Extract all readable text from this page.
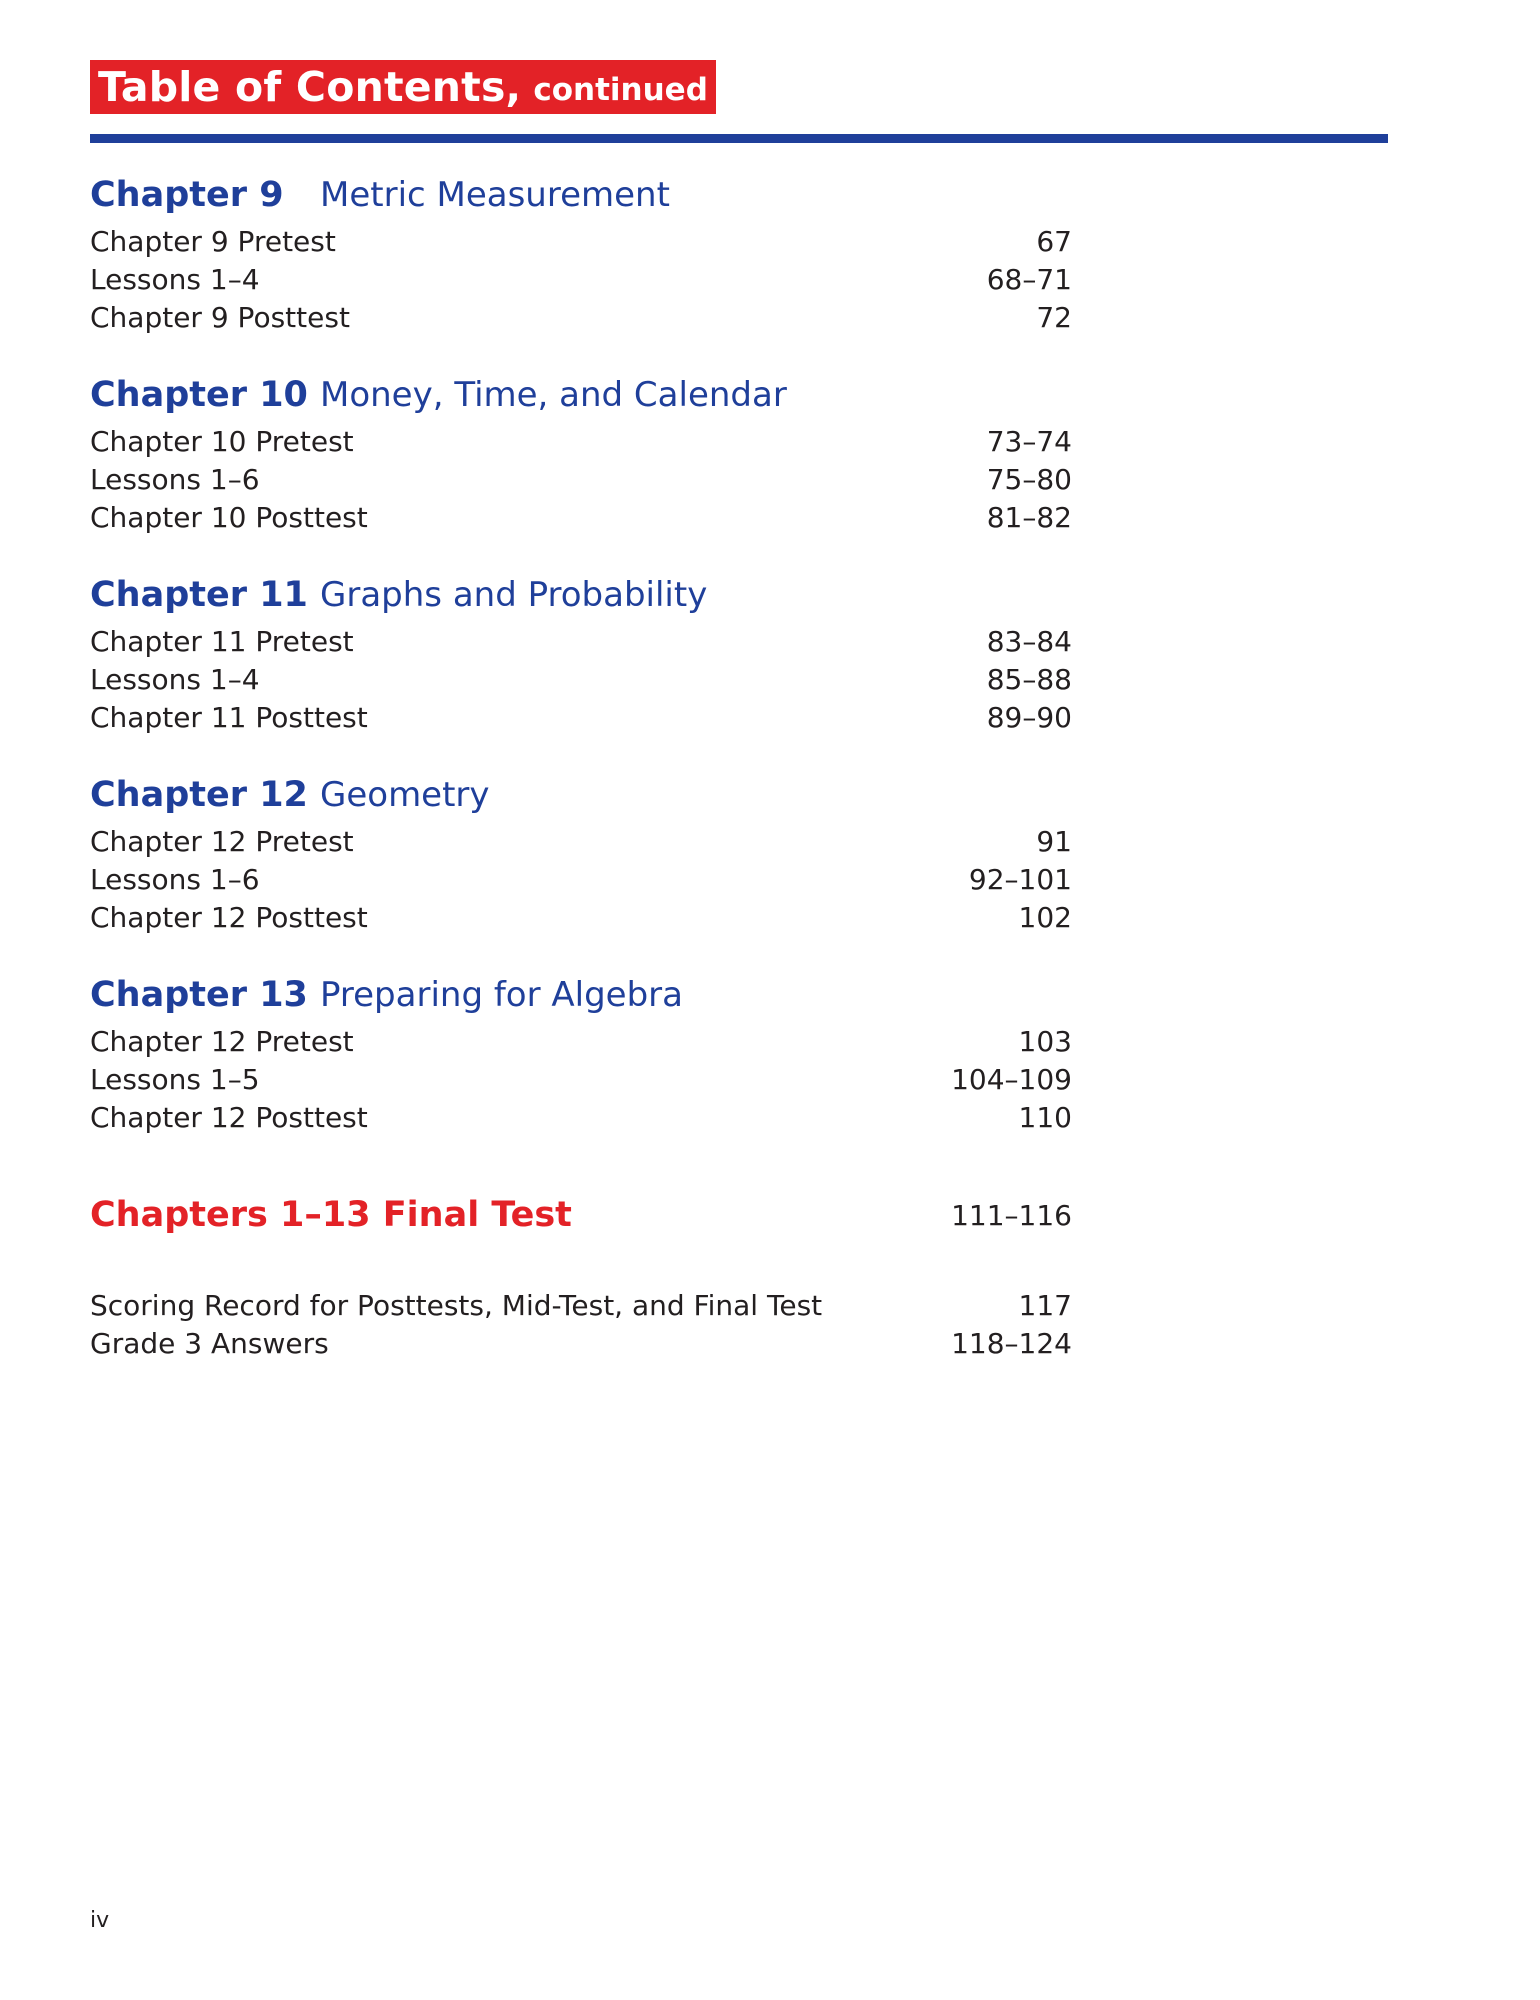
Table of Contents, continued
Chapter 9	Metric Measurement
Chapter 9 Pretest	67
Lessons 1–4	68–71
Chapter 9 Posttest	72
Chapter 10 Money, Time, and Calendar
Chapter 10 Pretest	73–74
Lessons 1–6	75–80
Chapter 10 Posttest	81–82
Chapter 11 Graphs and Probability
Chapter 11 Pretest	83–84
Lessons 1–4	85–88
Chapter 11 Posttest	89–90
Chapter 12 Geometry
Chapter 12 Pretest	91
Lessons 1–6	92–101
Chapter 12 Posttest	102
Chapter 13 Preparing for Algebra
Chapter 12 Pretest	103
Lessons 1–5	104–109
Chapter 12 Posttest	110
Chapters 1–13 Final Test	111–116
Scoring Record for Posttests, Mid-Test, and Final Test	117
Grade 3 Answers	118–124
iv
